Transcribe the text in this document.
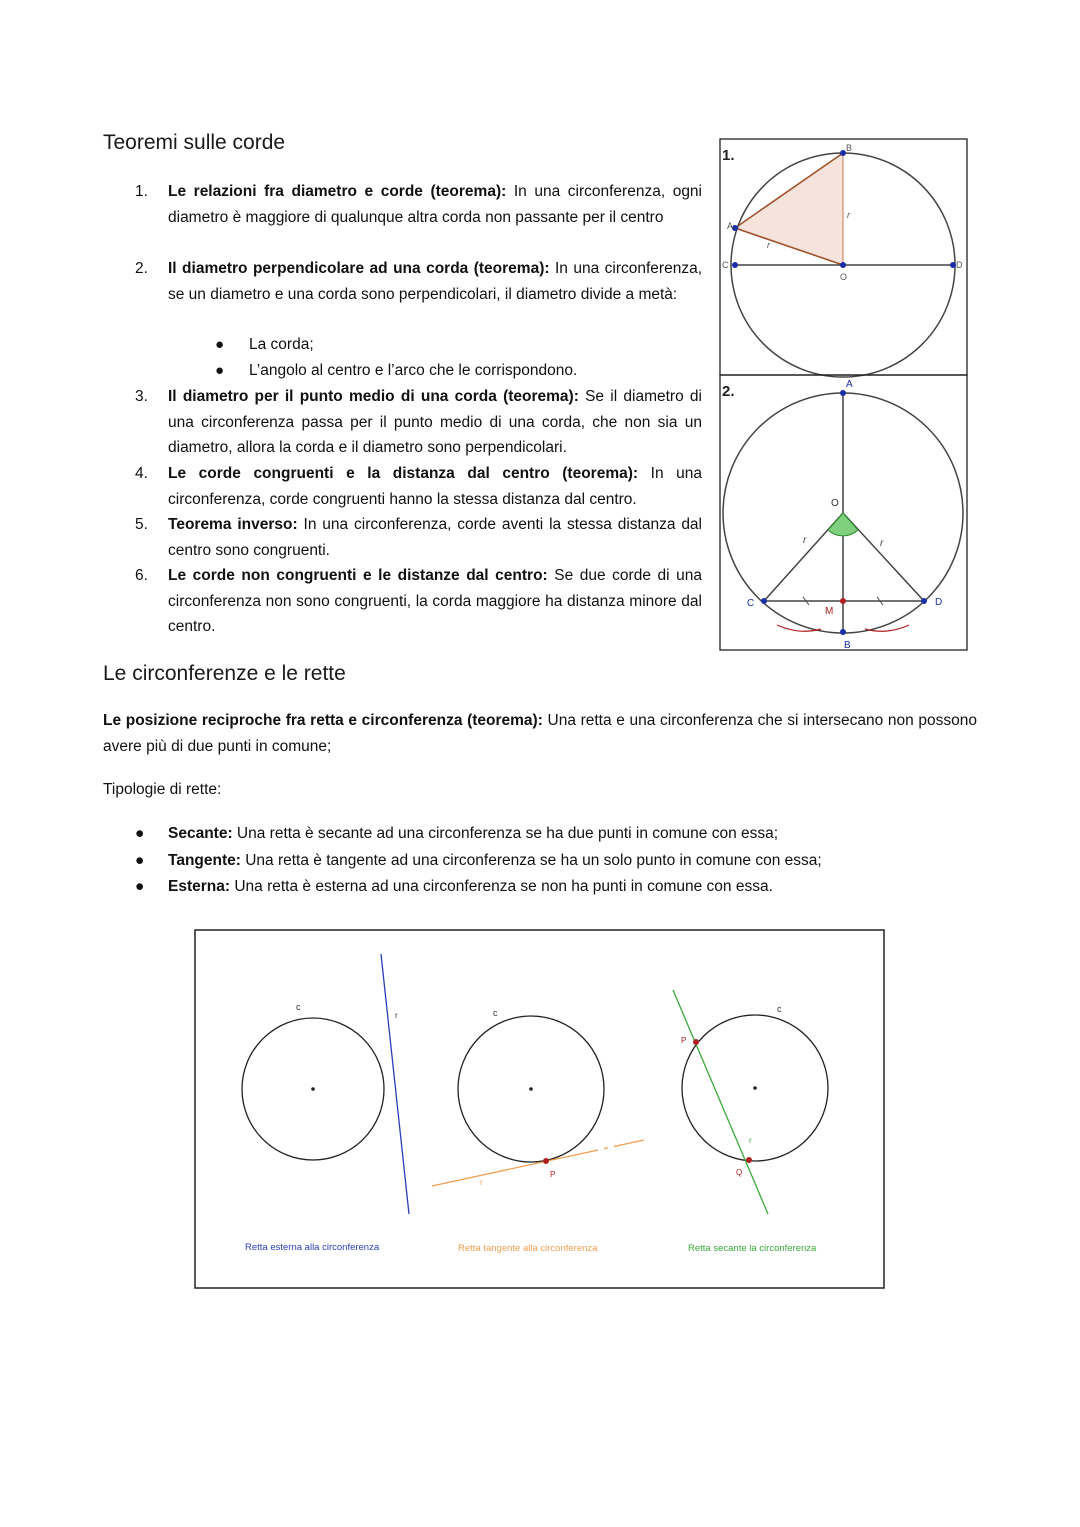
Teoremi sulle corde
1. Le relazioni fra diametro e corde (teorema): In una circonferenza, ogni diametro è maggiore di qualunque altra corda non passante per il centro
2. Il diametro perpendicolare ad una corda (teorema): In una circonferenza, se un diametro e una corda sono perpendicolari, il diametro divide a metà:
● La corda;
● L’angolo al centro e l’arco che le corrispondono.
3. Il diametro per il punto medio di una corda (teorema): Se il diametro di una circonferenza passa per il punto medio di una corda, che non sia un diametro, allora la corda e il diametro sono perpendicolari.
4. Le corde congruenti e la distanza dal centro (teorema): In una circonferenza, corde congruenti hanno la stessa distanza dal centro.
5. Teorema inverso: In una circonferenza, corde aventi la stessa distanza dal centro sono congruenti.
6. Le corde non congruenti e le distanze dal centro: Se due corde di una circonferenza non sono congruenti, la corda maggiore ha distanza minore dal centro.
1.
A
B
C	D
O
r
r
2.	A
B
C	D
O
M
r	r
Le circonferenze e le rette
Le posizione reciproche fra retta e circonferenza (teorema): Una retta e una circonferenza che si intersecano non possono avere più di due punti in comune;
Tipologie di rette:
● Secante: Una retta è secante ad una circonferenza se ha due punti in comune con essa;
● Tangente: Una retta è tangente ad una circonferenza se ha un solo punto in comune con essa;
● Esterna: Una retta è esterna ad una circonferenza se non ha punti in comune con essa.
c
r
Retta esterna alla circonferenza
c
P
r
Retta tangente alla circonferenza
c
P
Q
r
Retta secante la circonferenza
